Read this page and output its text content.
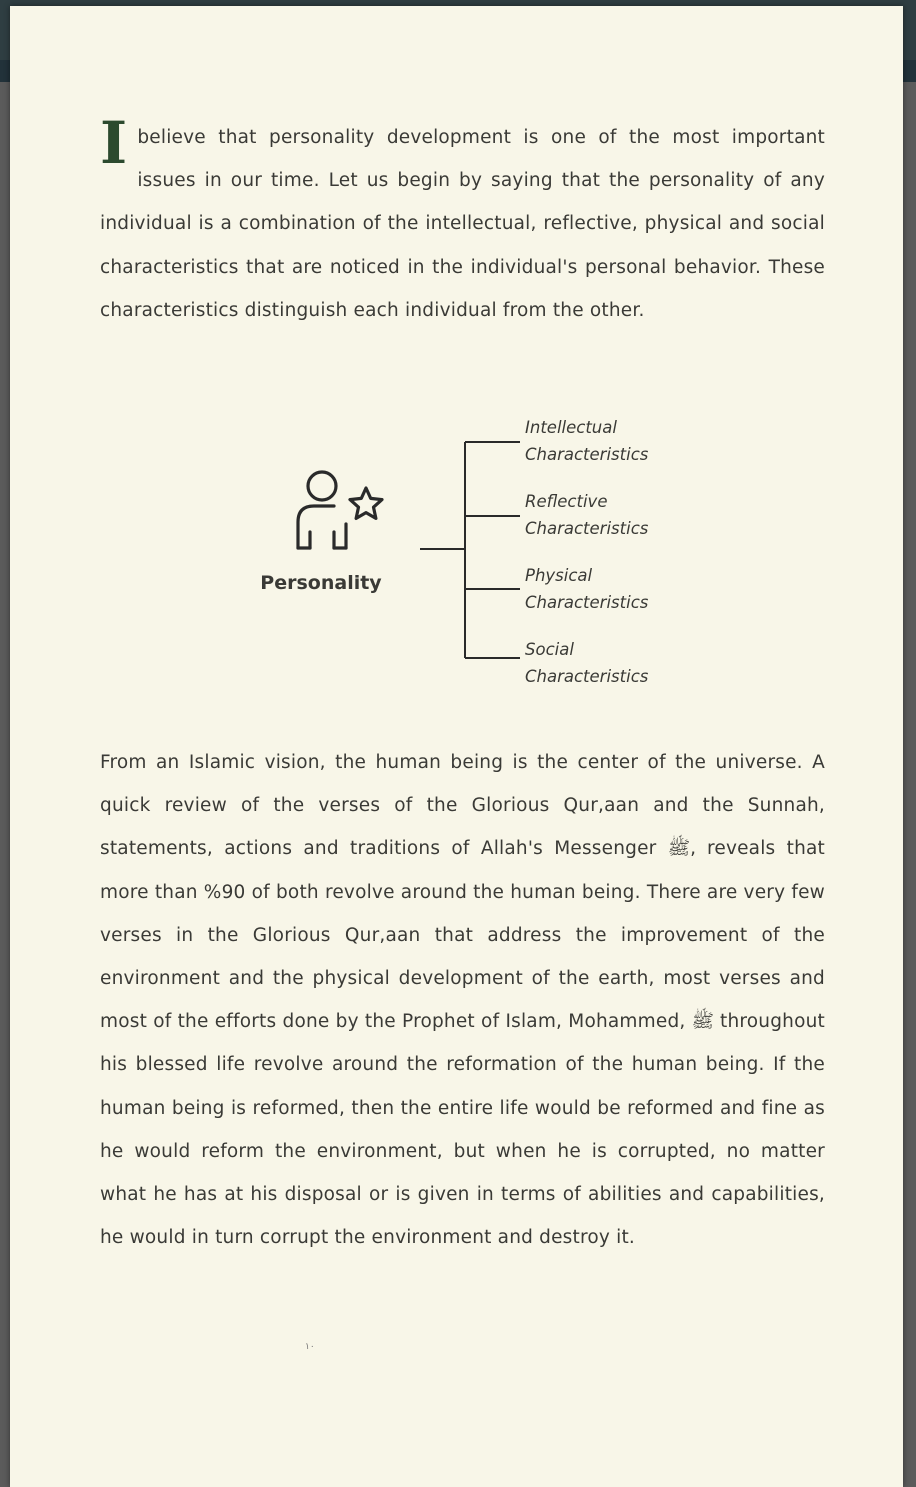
Ibelieve that personality development is one of the most important issues in our time. Let us begin by saying that the personality of any individual is a combination of the intellectual, reflective, physical and social characteristics that are noticed in the individual's personal behavior. These characteristics distinguish each individual from the other.

Personality
Intellectual
Characteristics
Reflective
Characteristics
Physical
Characteristics
Social
Characteristics

From an Islamic vision, the human being is the center of the universe. A quick review of the verses of the Glorious Qur,aan and the Sunnah, statements, actions and traditions of Allah's Messenger ﷺ, reveals that more than %90 of both revolve around the human being. There are very few verses in the Glorious Qur,aan that address the improvement of the environment and the physical development of the earth, most verses and most of the efforts done by the Prophet of Islam, Mohammed, ﷺ throughout his blessed life revolve around the reformation of the human being. If the human being is reformed, then the entire life would be reformed and fine as he would reform the environment, but when he is corrupted, no matter what he has at his disposal or is given in terms of abilities and capabilities, he would in turn corrupt the environment and destroy it.

١٠
